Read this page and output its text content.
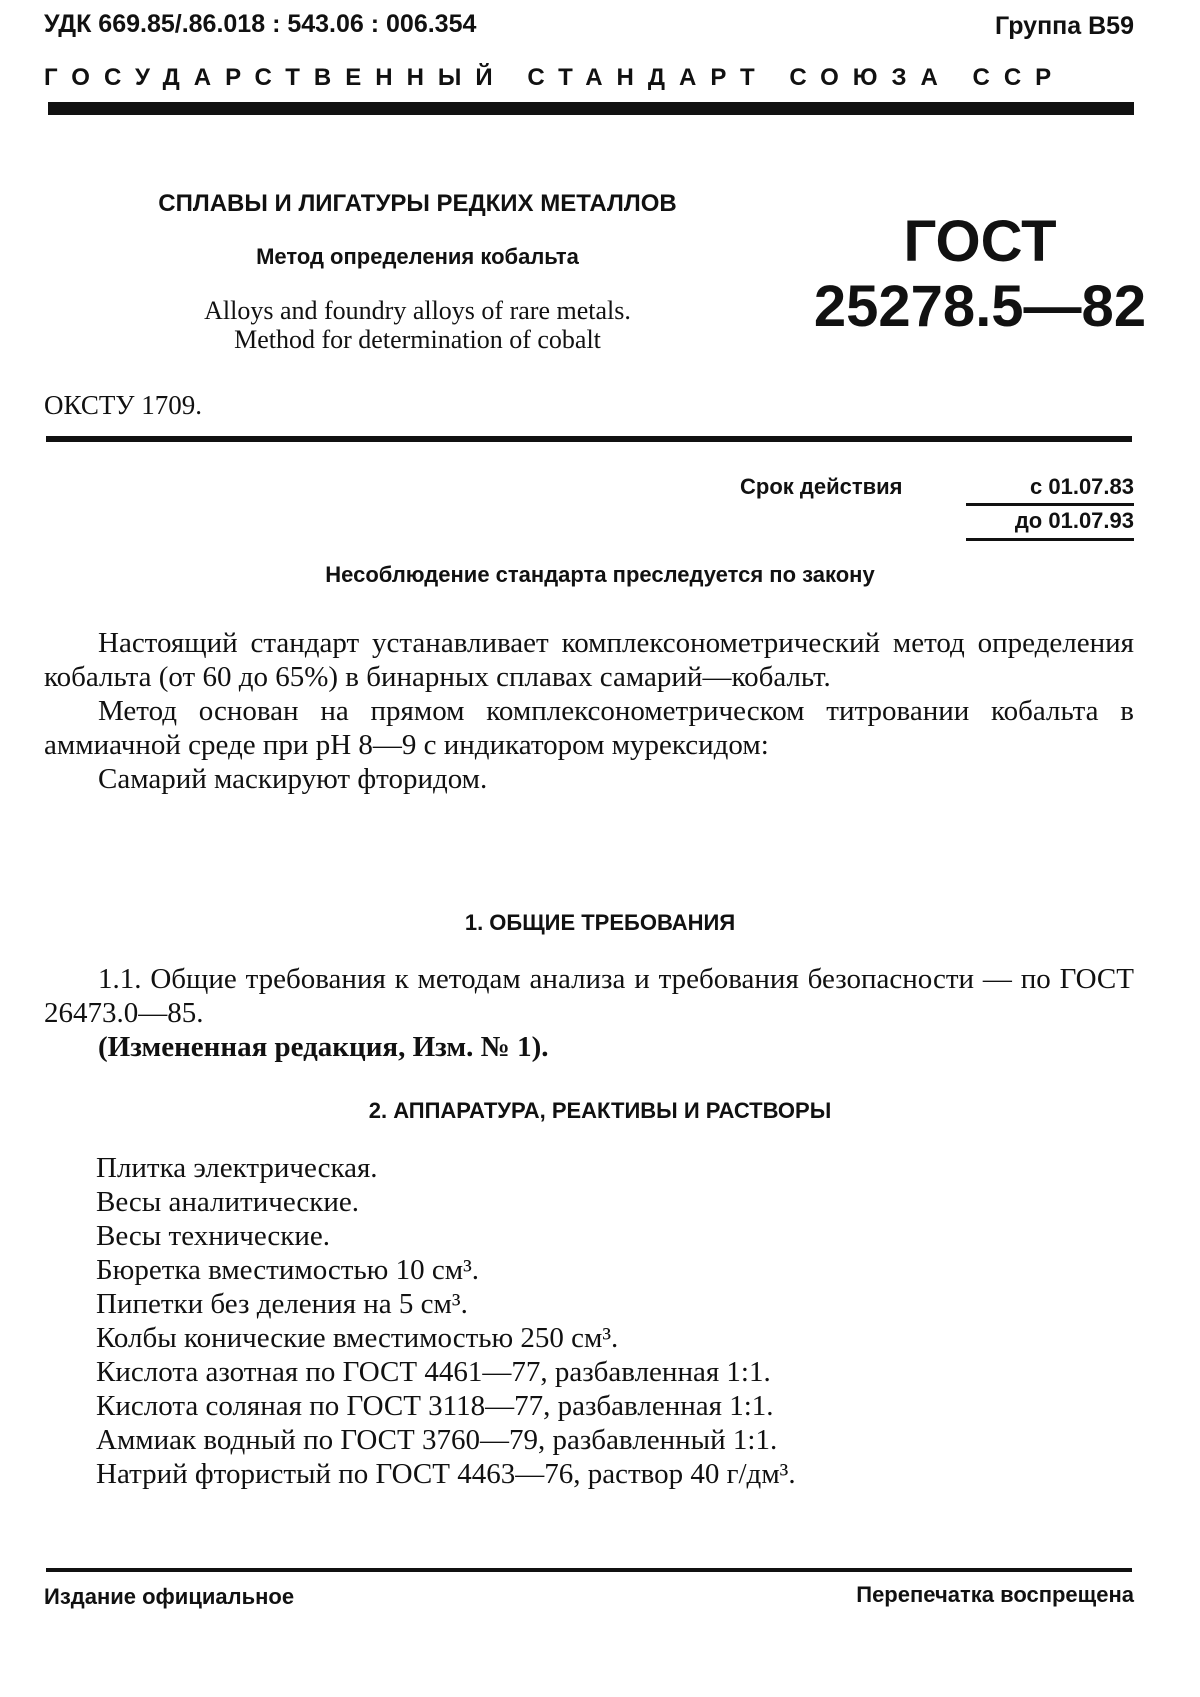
УДК 669.85/.86.018 : 543.06 : 006.354	Группа В59
ГОСУДАРСТВЕННЫЙ СТАНДАРТ СОЮЗА ССР
СПЛАВЫ И ЛИГАТУРЫ РЕДКИХ МЕТАЛЛОВ
Метод определения кобальта
Alloys and foundry alloys of rare metals.
Method for determination of cobalt
ГОСТ
25278.5—82
ОКСТУ 1709.
Срок действия	с 01.07.83
до 01.07.93
Несоблюдение стандарта преследуется по закону

Настоящий стандарт устанавливает комплексонометрический метод определения кобальта (от 60 до 65%) в бинарных сплавах самарий—кобальт.

Метод основан на прямом комплексонометрическом титровании кобальта в аммиачной среде при рН 8—9 с индикатором мурексидом:

Самарий маскируют фторидом.

1. ОБЩИЕ ТРЕБОВАНИЯ

1.1. Общие требования к методам анализа и требования безопасности — по ГОСТ 26473.0—85.

(Измененная редакция, Изм. № 1).

2. АППАРАТУРА, РЕАКТИВЫ И РАСТВОРЫ
Плитка электрическая.
Весы аналитические.
Весы технические.
Бюретка вместимостью 10 см³.
Пипетки без деления на 5 см³.
Колбы конические вместимостью 250 см³.
Кислота азотная по ГОСТ 4461—77, разбавленная 1:1.
Кислота соляная по ГОСТ 3118—77, разбавленная 1:1.
Аммиак водный по ГОСТ 3760—79, разбавленный 1:1.
Натрий фтористый по ГОСТ 4463—76, раствор 40 г/дм³.
Издание официальное	Перепечатка воспрещена
